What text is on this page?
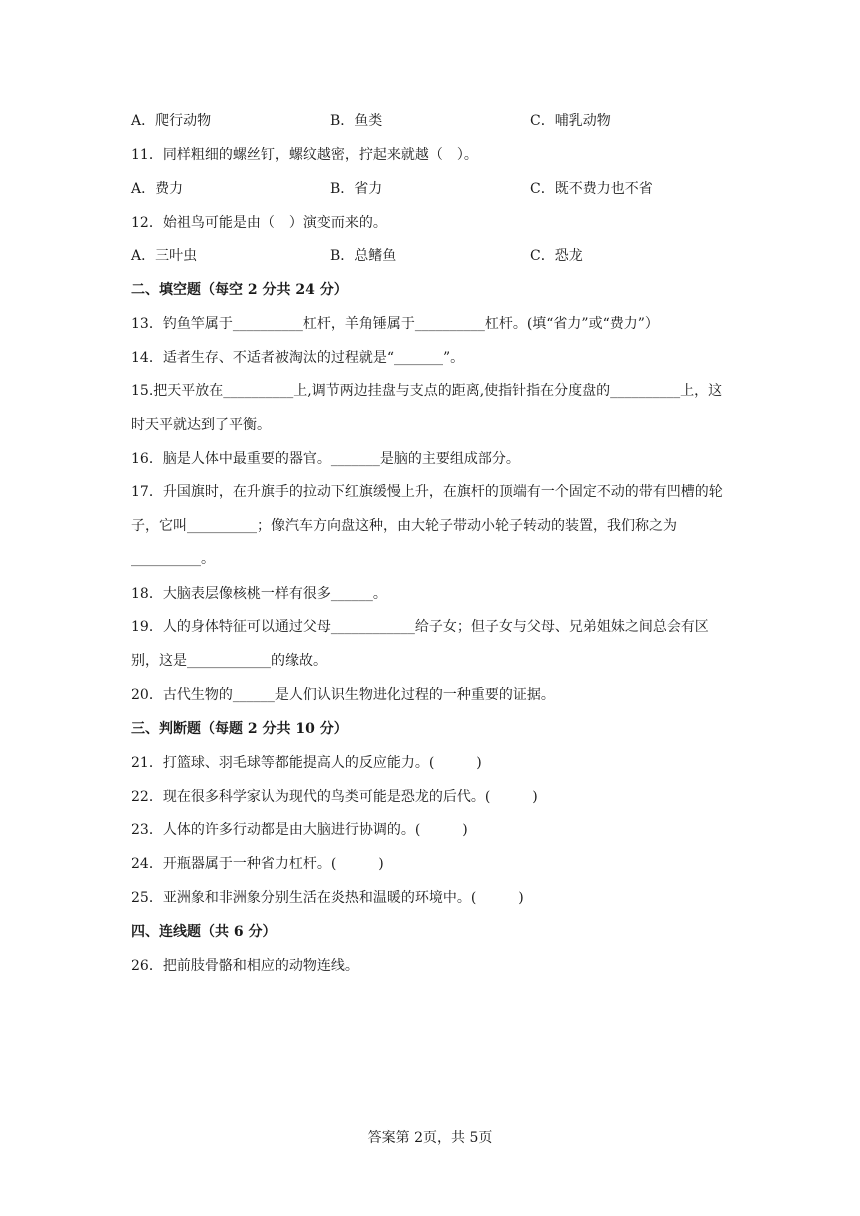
A．爬行动物	B．鱼类	C．哺乳动物
11．同样粗细的螺丝钉，螺纹越密，拧起来就越（　）。
A．费力	B．省力	C．既不费力也不省
12．始祖鸟可能是由（　）演变而来的。
A．三叶虫	B．总鳍鱼	C．恐龙
二、填空题（每空 2 分共 24 分）
13．钓鱼竿属于__________杠杆，羊角锤属于__________杠杆。(填“省力”或“费力”）
14．适者生存、不适者被淘汰的过程就是“_______”。
15.把天平放在__________上,调节两边挂盘与支点的距离,使指针指在分度盘的__________上，这时天平就达到了平衡。
16．脑是人体中最重要的器官。_______是脑的主要组成部分。
17．升国旗时，在升旗手的拉动下红旗缓慢上升，在旗杆的顶端有一个固定不动的带有凹槽的轮子，它叫__________；像汽车方向盘这种，由大轮子带动小轮子转动的装置，我们称之为__________。
18．大脑表层像核桃一样有很多______。
19．人的身体特征可以通过父母____________给子女；但子女与父母、兄弟姐妹之间总会有区别，这是____________的缘故。
20．古代生物的______是人们认识生物进化过程的一种重要的证据。
三、判断题（每题 2 分共 10 分）
21．打篮球、羽毛球等都能提高人的反应能力。(　　　)
22．现在很多科学家认为现代的鸟类可能是恐龙的后代。(　　　)
23．人体的许多行动都是由大脑进行协调的。(　　　)
24．开瓶器属于一种省力杠杆。(　　　)
25．亚洲象和非洲象分别生活在炎热和温暖的环境中。(　　　)
四、连线题（共 6 分）
26．把前肢骨骼和相应的动物连线。
答案第 2页，共 5页
